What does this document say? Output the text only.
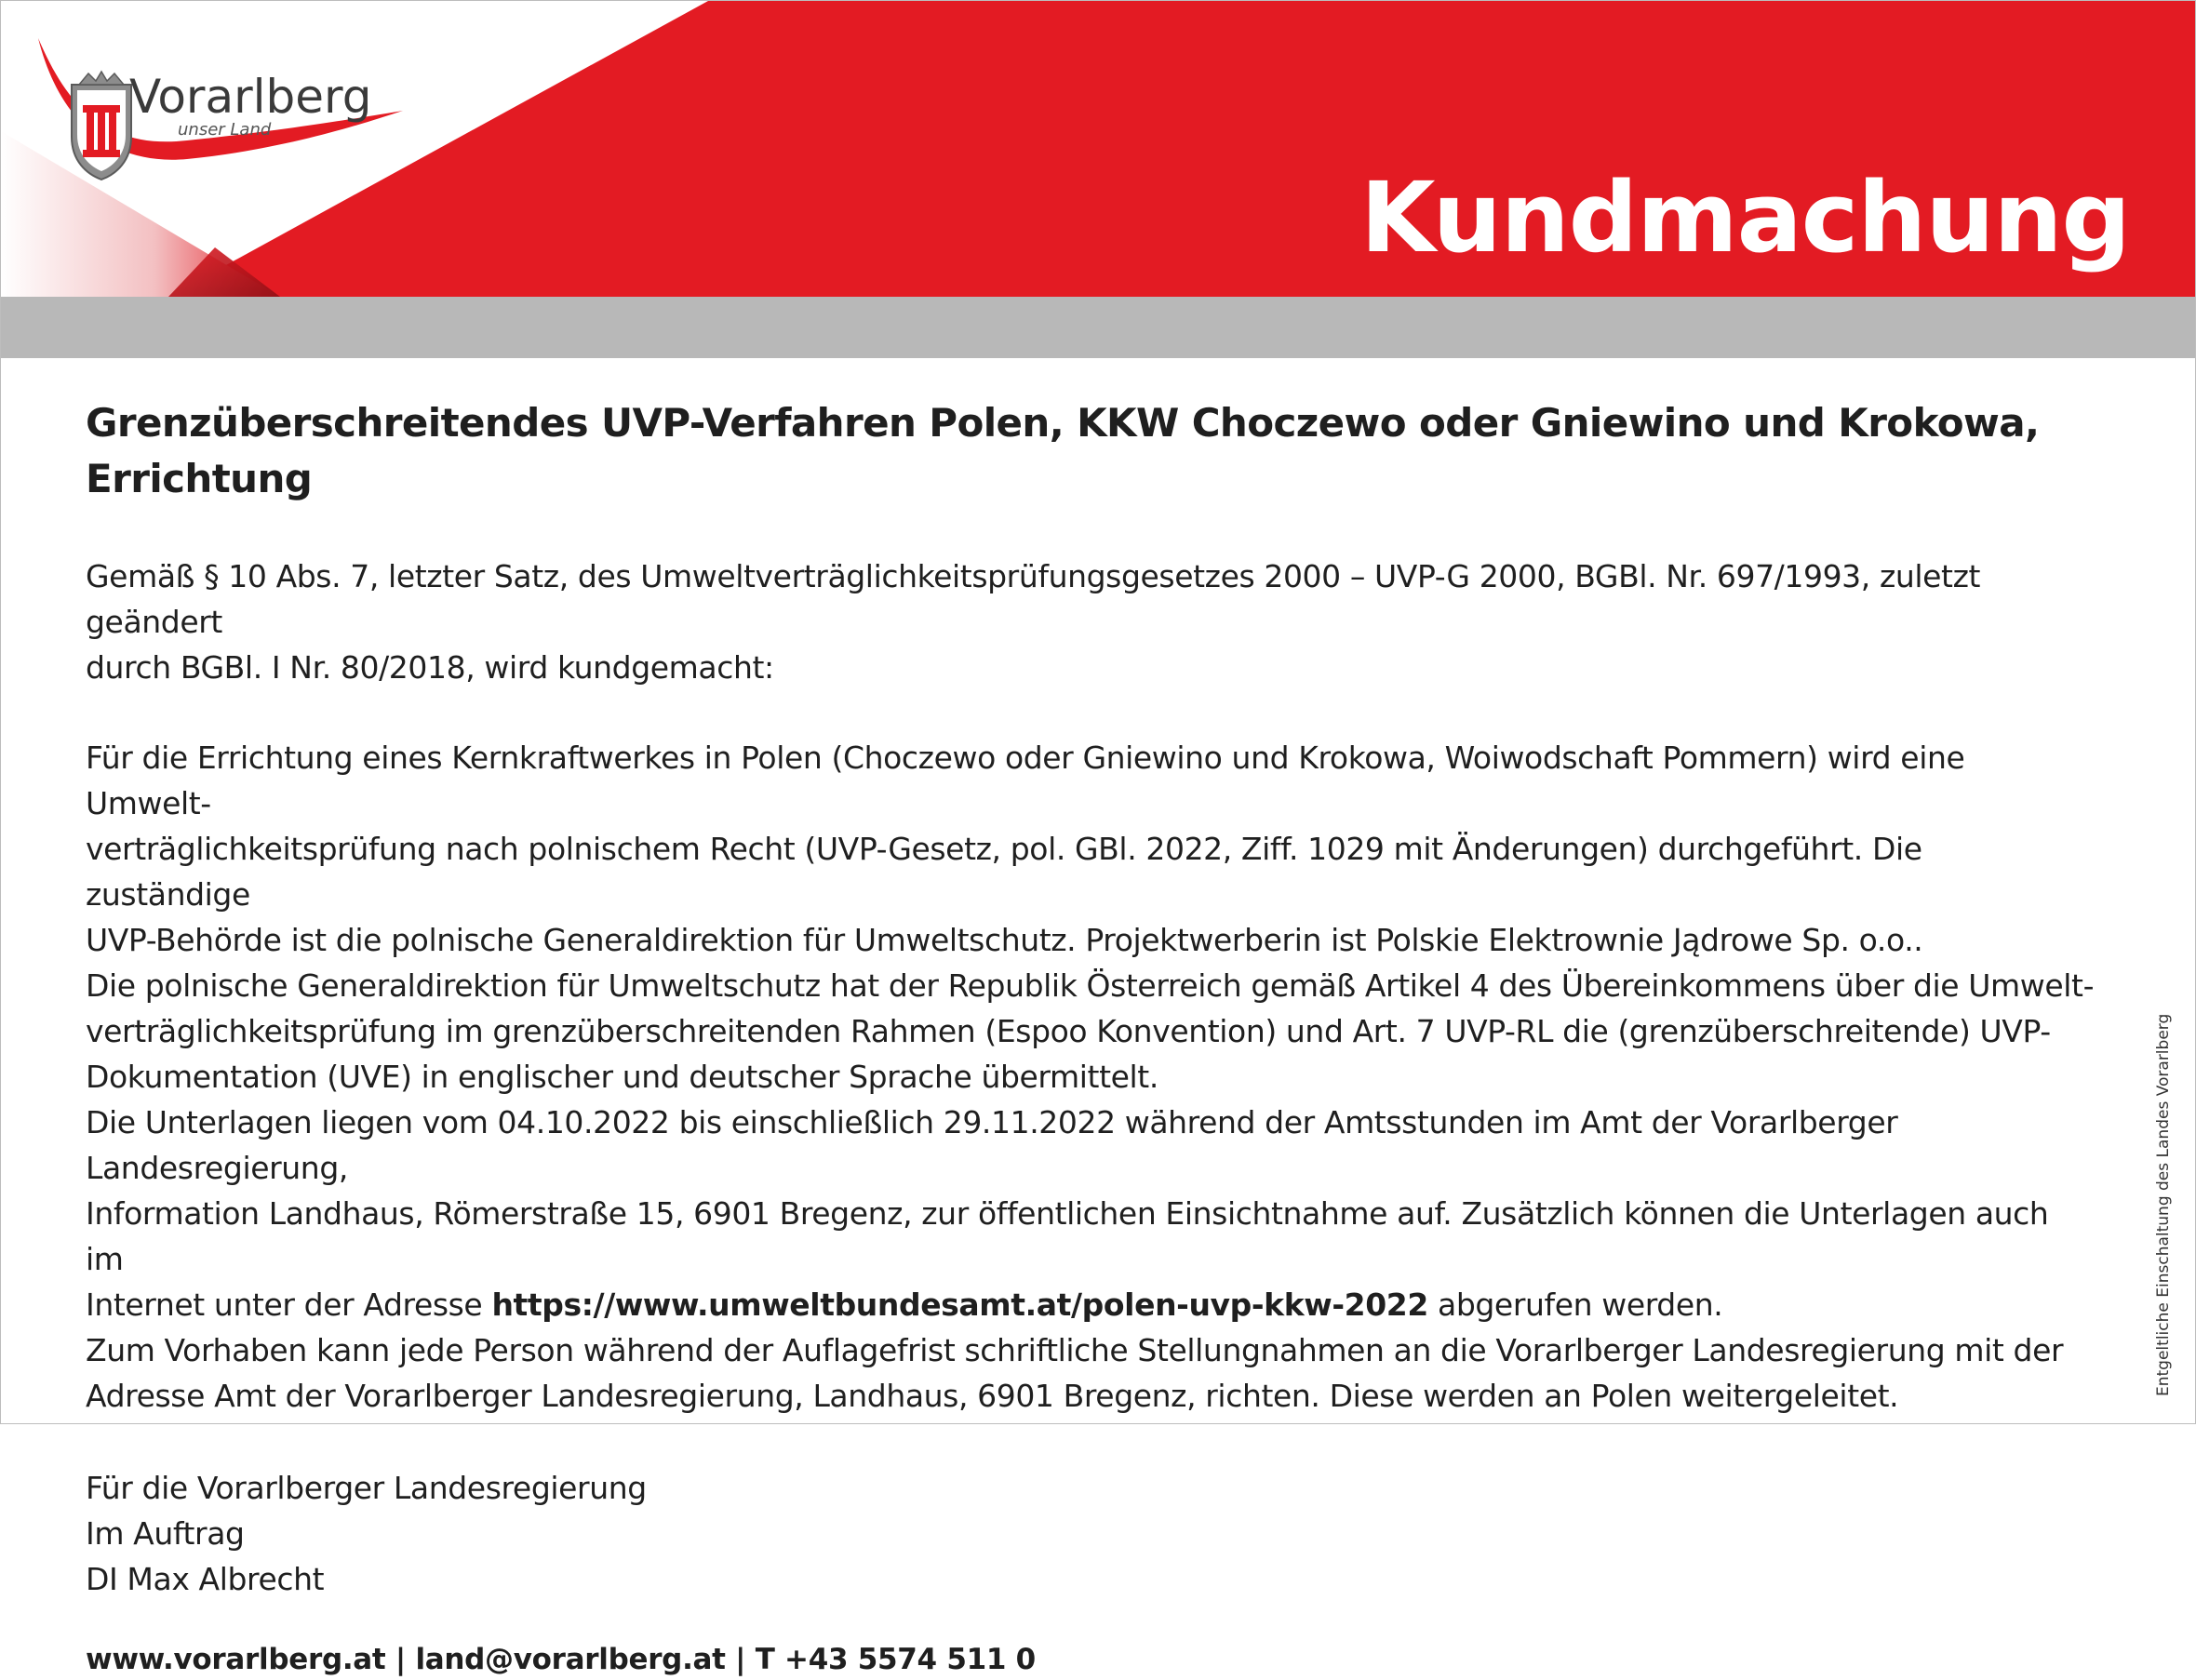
Vorarlberg
unser Land
Kundmachung
Grenzüberschreitendes UVP-Verfahren Polen, KKW Choczewo oder Gniewino und Krokowa,
Errichtung

Gemäß § 10 Abs. 7, letzter Satz, des Umweltverträglichkeitsprüfungsgesetzes 2000 – UVP-G 2000, BGBl. Nr. 697/1993, zuletzt geändert
durch BGBl. I Nr. 80/2018, wird kundgemacht:

Für die Errichtung eines Kernkraftwerkes in Polen (Choczewo oder Gniewino und Krokowa, Woiwodschaft Pommern) wird eine Umwelt-
verträglichkeitsprüfung nach polnischem Recht (UVP-Gesetz, pol. GBl. 2022, Ziff. 1029 mit Änderungen) durchgeführt. Die zuständige
UVP-Behörde ist die polnische Generaldirektion für Umweltschutz. Projektwerberin ist Polskie Elektrownie Jądrowe Sp. o.o..
Die polnische Generaldirektion für Umweltschutz hat der Republik Österreich gemäß Artikel 4 des Übereinkommens über die Umwelt-
verträglichkeitsprüfung im grenzüberschreitenden Rahmen (Espoo Konvention) und Art. 7 UVP-RL die (grenzüberschreitende) UVP-
Dokumentation (UVE) in englischer und deutscher Sprache übermittelt.
Die Unterlagen liegen vom 04.10.2022 bis einschließlich 29.11.2022 während der Amtsstunden im Amt der Vorarlberger Landesregierung,
Information Landhaus, Römerstraße 15, 6901 Bregenz, zur öffentlichen Einsichtnahme auf. Zusätzlich können die Unterlagen auch im
Internet unter der Adresse https://www.umweltbundesamt.at/polen-uvp-kkw-2022 abgerufen werden.
Zum Vorhaben kann jede Person während der Auflagefrist schriftliche Stellungnahmen an die Vorarlberger Landesregierung mit der
Adresse Amt der Vorarlberger Landesregierung, Landhaus, 6901 Bregenz, richten. Diese werden an Polen weitergeleitet.

Für die Vorarlberger Landesregierung
Im Auftrag
DI Max Albrecht

www.vorarlberg.at | land@vorarlberg.at | T +43 5574 511 0
Entgeltliche Einschaltung des Landes Vorarlberg
